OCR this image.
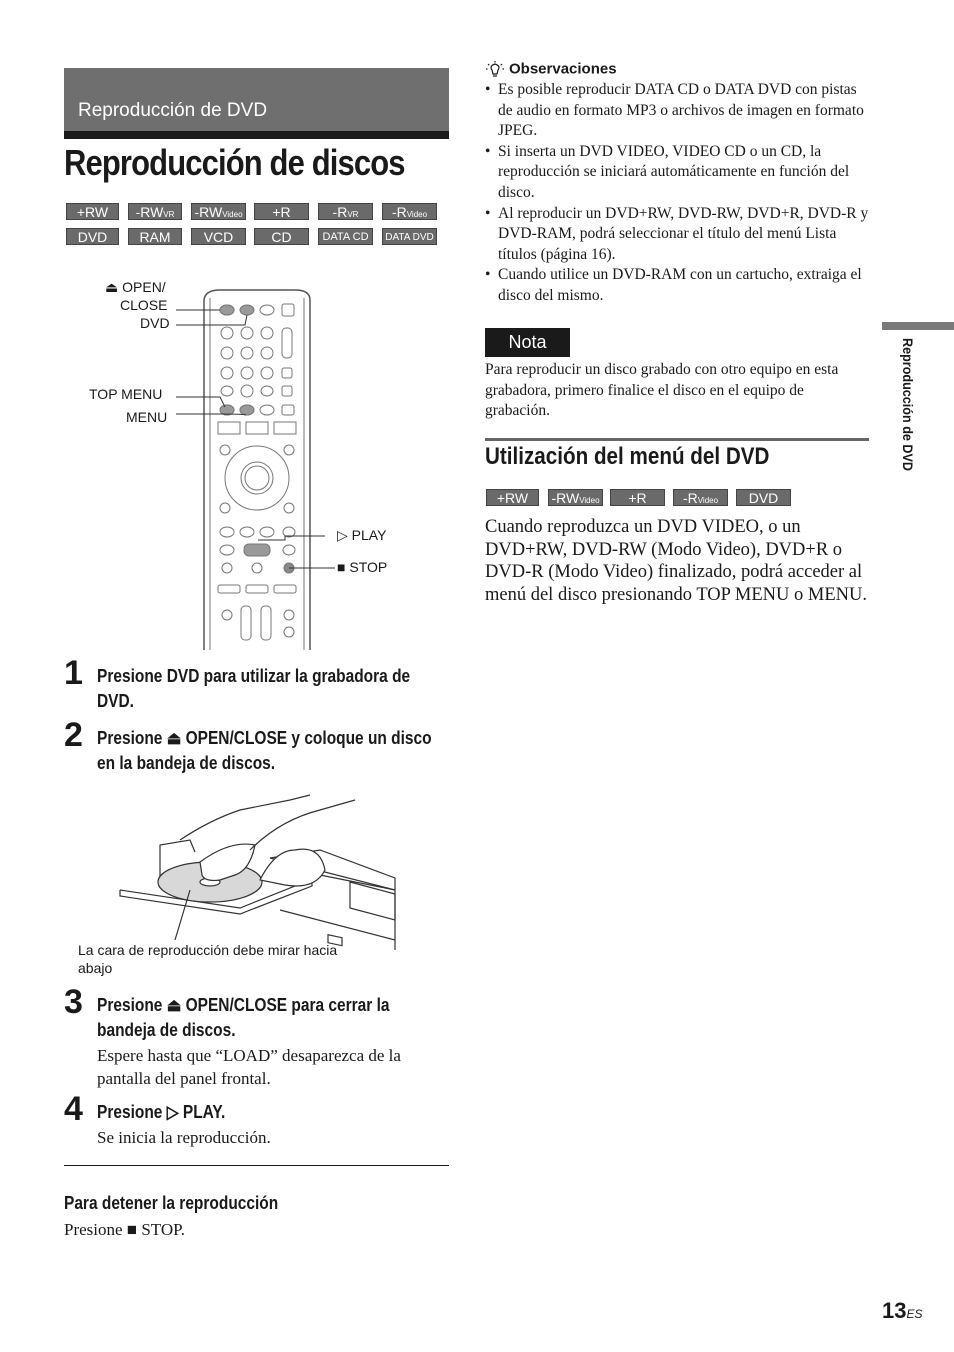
Reproducción de DVD
Reproducción de discos
+RW	-RWVR	-RWVideo	+R	-RVR	-RVideo
DVD	RAM	VCD	CD	DATA CD	DATA DVD
⏏ OPEN/
CLOSE
DVD
TOP MENU
MENU
▷ PLAY
■ STOP
1 Presione DVD para utilizar la grabadora de DVD.
2 Presione ⏏ OPEN/CLOSE y coloque un disco en la bandeja de discos.
La cara de reproducción debe mirar hacia abajo
3 Presione ⏏ OPEN/CLOSE para cerrar la bandeja de discos.
Espere hasta que “LOAD” desaparezca de la pantalla del panel frontal.
4 Presione ▷ PLAY.
Se inicia la reproducción.
Para detener la reproducción
Presione ■ STOP.
Observaciones
• Es posible reproducir DATA CD o DATA DVD con pistas de audio en formato MP3 o archivos de imagen en formato JPEG.
• Si inserta un DVD VIDEO, VIDEO CD o un CD, la reproducción se iniciará automáticamente en función del disco.
• Al reproducir un DVD+RW, DVD-RW, DVD+R, DVD-R y DVD-RAM, podrá seleccionar el título del menú Lista títulos (página 16).
• Cuando utilice un DVD-RAM con un cartucho, extraiga el disco del mismo.
Nota
Para reproducir un disco grabado con otro equipo en esta grabadora, primero finalice el disco en el equipo de grabación.
Utilización del menú del DVD
+RW	-RWVideo	+R	-RVideo	DVD
Cuando reproduzca un DVD VIDEO, o un DVD+RW, DVD-RW (Modo Video), DVD+R o DVD-R (Modo Video) finalizado, podrá acceder al menú del disco presionando TOP MENU o MENU.
Reproducción de DVD
13ES
